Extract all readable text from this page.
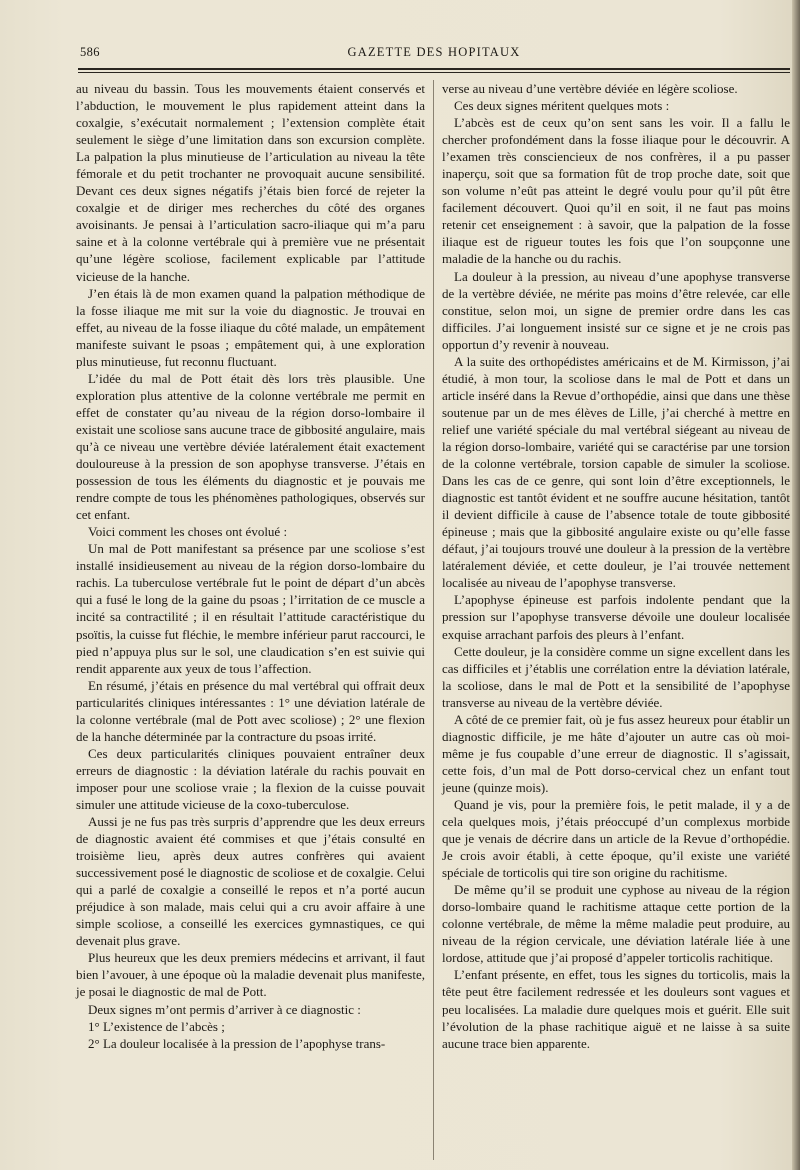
586	GAZETTE DES HOPITAUX

au niveau du bassin. Tous les mouvements étaient conservés et l’abduction, le mouvement le plus rapidement atteint dans la coxalgie, s’exécutait normalement ; l’extension complète était seulement le siège d’une limitation dans son excursion complète. La palpation la plus minutieuse de l’articulation au niveau la tête fémorale et du petit trochanter ne provoquait aucune sensibilité. Devant ces deux signes négatifs j’étais bien forcé de rejeter la coxalgie et de diriger mes recherches du côté des organes avoisinants. Je pensai à l’articulation sacro-iliaque qui m’a paru saine et à la colonne vertébrale qui à première vue ne présentait qu’une légère scoliose, facilement explicable par l’attitude vicieuse de la hanche.

J’en étais là de mon examen quand la palpation méthodique de la fosse iliaque me mit sur la voie du diagnostic. Je trouvai en effet, au niveau de la fosse iliaque du côté malade, un empâtement manifeste suivant le psoas ; empâtement qui, à une exploration plus minutieuse, fut reconnu fluctuant.

L’idée du mal de Pott était dès lors très plausible. Une exploration plus attentive de la colonne vertébrale me permit en effet de constater qu’au niveau de la région dorso-lombaire il existait une scoliose sans aucune trace de gibbosité angulaire, mais qu’à ce niveau une vertèbre déviée latéralement était exactement douloureuse à la pression de son apophyse transverse. J’étais en possession de tous les éléments du diagnostic et je pouvais me rendre compte de tous les phénomènes pathologiques, observés sur cet enfant.

Voici comment les choses ont évolué :

Un mal de Pott manifestant sa présence par une scoliose s’est installé insidieusement au niveau de la région dorso-lombaire du rachis. La tuberculose vertébrale fut le point de départ d’un abcès qui a fusé le long de la gaine du psoas ; l’irritation de ce muscle a incité sa contractilité ; il en résultait l’attitude caractéristique du psoïtis, la cuisse fut fléchie, le membre inférieur parut raccourci, le pied n’appuya plus sur le sol, une claudication s’en est suivie qui rendit apparente aux yeux de tous l’affection.

En résumé, j’étais en présence du mal vertébral qui offrait deux particularités cliniques intéressantes : 1° une déviation latérale de la colonne vertébrale (mal de Pott avec scoliose) ; 2° une flexion de la hanche déterminée par la contracture du psoas irrité.

Ces deux particularités cliniques pouvaient entraîner deux erreurs de diagnostic : la déviation latérale du rachis pouvait en imposer pour une scoliose vraie ; la flexion de la cuisse pouvait simuler une attitude vicieuse de la coxo-tuberculose.

Aussi je ne fus pas très surpris d’apprendre que les deux erreurs de diagnostic avaient été commises et que j’étais consulté en troisième lieu, après deux autres confrères qui avaient successivement posé le diagnostic de scoliose et de coxalgie. Celui qui a parlé de coxalgie a conseillé le repos et n’a porté aucun préjudice à son malade, mais celui qui a cru avoir affaire à une simple scoliose, a conseillé les exercices gymnastiques, ce qui devenait plus grave.

Plus heureux que les deux premiers médecins et arrivant, il faut bien l’avouer, à une époque où la maladie devenait plus manifeste, je posai le diagnostic de mal de Pott.

Deux signes m’ont permis d’arriver à ce diagnostic :

1° L’existence de l’abcès ;

2° La douleur localisée à la pression de l’apophyse trans-

verse au niveau d’une vertèbre déviée en légère scoliose.

Ces deux signes méritent quelques mots :

L’abcès est de ceux qu’on sent sans les voir. Il a fallu le chercher profondément dans la fosse iliaque pour le découvrir. A l’examen très consciencieux de nos confrères, il a pu passer inaperçu, soit que sa formation fût de trop proche date, soit que son volume n’eût pas atteint le degré voulu pour qu’il pût être facilement découvert. Quoi qu’il en soit, il ne faut pas moins retenir cet enseignement : à savoir, que la palpation de la fosse iliaque est de rigueur toutes les fois que l’on soupçonne une maladie de la hanche ou du rachis.

La douleur à la pression, au niveau d’une apophyse transverse de la vertèbre déviée, ne mérite pas moins d’être relevée, car elle constitue, selon moi, un signe de premier ordre dans les cas difficiles. J’ai longuement insisté sur ce signe et je ne crois pas opportun d’y revenir à nouveau.

A la suite des orthopédistes américains et de M. Kirmisson, j’ai étudié, à mon tour, la scoliose dans le mal de Pott et dans un article inséré dans la Revue d’orthopédie, ainsi que dans une thèse soutenue par un de mes élèves de Lille, j’ai cherché à mettre en relief une variété spéciale du mal vertébral siégeant au niveau de la région dorso-lombaire, variété qui se caractérise par une torsion de la colonne vertébrale, torsion capable de simuler la scoliose. Dans les cas de ce genre, qui sont loin d’être exceptionnels, le diagnostic est tantôt évident et ne souffre aucune hésitation, tantôt il devient difficile à cause de l’absence totale de toute gibbosité épineuse ; mais que la gibbosité angulaire existe ou qu’elle fasse défaut, j’ai toujours trouvé une douleur à la pression de la vertèbre latéralement déviée, et cette douleur, je l’ai trouvée nettement localisée au niveau de l’apophyse transverse.

L’apophyse épineuse est parfois indolente pendant que la pression sur l’apophyse transverse dévoile une douleur localisée exquise arrachant parfois des pleurs à l’enfant.

Cette douleur, je la considère comme un signe excellent dans les cas difficiles et j’établis une corrélation entre la déviation latérale, la scoliose, dans le mal de Pott et la sensibilité de l’apophyse transverse au niveau de la vertèbre déviée.

A côté de ce premier fait, où je fus assez heureux pour établir un diagnostic difficile, je me hâte d’ajouter un autre cas où moi-même je fus coupable d’une erreur de diagnostic. Il s’agissait, cette fois, d’un mal de Pott dorso-cervical chez un enfant tout jeune (quinze mois).

Quand je vis, pour la première fois, le petit malade, il y a de cela quelques mois, j’étais préoccupé d’un complexus morbide que je venais de décrire dans un article de la Revue d’orthopédie. Je crois avoir établi, à cette époque, qu’il existe une variété spéciale de torticolis qui tire son origine du rachitisme.

De même qu’il se produit une cyphose au niveau de la région dorso-lombaire quand le rachitisme attaque cette portion de la colonne vertébrale, de même la même maladie peut produire, au niveau de la région cervicale, une déviation latérale liée à une lordose, attitude que j’ai proposé d’appeler torticolis rachitique.

L’enfant présente, en effet, tous les signes du torticolis, mais la tête peut être facilement redressée et les douleurs sont vagues et peu localisées. La maladie dure quelques mois et guérit. Elle suit l’évolution de la phase rachitique aiguë et ne laisse à sa suite aucune trace bien apparente.
